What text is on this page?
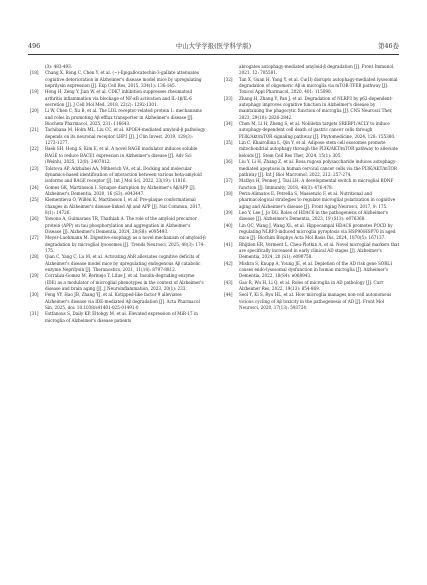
496	中山大学学报(医学科学版)	第46卷

(3): 483-493.

[18] Chang X, Rong C, Chen Y, et al. (−)-Epigallocatechin-3-gallate attenuates cognitive deterioration in Alzheimer's disease model mice by upregulating neprilysin expression [J]. Exp Cell Res, 2015, 334(1): 136-145.

[19] Hong H, Zeng Y, Jian W, et al. CDK7 inhibition suppresses rheumatoid arthritis inflammation via blockage of NF-κB activation and IL-1β/IL-6 secretion [J]. J Cell Mol Med, 2018, 22(2): 1292-1301.

[20] Li W, Chen C, Xu B, et al. The LDL receptor-related protein 1: mechanisms and roles in promoting Aβ efflux transporter in Alzheimer's disease [J]. Biochem Pharmacol, 2025, 231: 116643.

[21] Tachibana M, Holm ML, Liu CC, et al. APOE4-mediated amyloid-β pathology depends on its neuronal receptor LRP1 [J]. J Clin Invest, 2019, 129(3): 1272-1277.

[22] Baek SH, Hong S, Kim E, et al. A novel RAGE modulator induces soluble RAGE to reduce BACE1 expression in Alzheimer's disease [J]. Adv Sci (Weinh), 2025, 12(8): 2407812.

[23] Tolstova AP, Adzhubei AA, Mitkevich VA, et al. Docking and molecular dynamics-based identification of interaction between various beta-amyloid isoforms and RAGE receptor [J]. Int J Mol Sci, 2022, 23(19): 11816.

[24] Gomes GK, Martinsson I. Synapse disruption by Alzheimer's Aβ/APP [J]. Alzheimer's Dementia, 2020, 16 (S3): e043447.

[25] Klementieva O, Willén K, Martinsson I, et al. Pre-plaque conformational changes in Alzheimer's disease-linked Aβ and APP [J]. Nat Commun, 2017, 8(1): 14726.

[26] Yawono A, Guimaraes TR, Thathiah A. The role of the amyloid precursor protein (APP) on tau phosphorylation and aggregation in Alzheimer's Disease [J]. Alzheimer's Dementia, 2024, 20(S8): e095493.

[27] Meyer-Luehmann M. Digestive exophagy as a novel mechanism of amyloid-β degradation by microglial lysosomes [J]. Trends Neurosci, 2025, 48(3): 174-175.

[28] Qian C, Yang C, Lu M, et al. Activating AhR alleviates cognitive deficits of Alzheimer's disease model mice by upregulating endogenous Aβ catabolic enzyme Neprilysin [J]. Theranostics, 2021, 11(18): 8797-8812.

[29] Corraliza-Gomez M, Bermejo T, Lilue J, et al. Insulin-degrading enzyme (IDE) as a modulator of microglial phenotypes in the context of Alzheimer's disease and brain aging [J]. J Neuroinflammation, 2023, 20(1): 233.

[30] Feng YY, Hao JB, Zhang YJ, et al. Kotipped-like factor 9 alleviates Alzheimer's disease via IDE-mediated Aβ degradation [J]. Acta Pharmacol Sin, 2025, doi: 10.1038/s41401-025-01491-0

[31] Estfanous S, Daily KP, Eltobgy M, et al. Elevated expression of MiR-17 in microglia of Alzheimer's disease patients

abrogates autophagy-mediated amyloid-β degradation [J]. Front Immunol, 2021, 12: 705581.

[32] Tan X, Guan H, Yang Y, et al. Cu(II) disrupts autophagy-mediated lysosomal degradation of oligomeric Aβ in microglia via mTOR-TFEB pathway [J]. Toxicol Appl Pharmacol, 2020, 401: 115090.

[33] Zhang H, Zhang Y, Pan J, et al. Degradation of NLRP3 by p62-dependent-autophagy improves cognitive function in Alzheimer's disease by maintaining the phagocytic function of microglia [J]. CNS Neurosci Ther, 2023, 29(10): 2826-2842.

[34] Chen M, Li H, Zheng S, et al. Nobiletin targets SREBP1/ACLY to induce autophagy-dependent cell death of gastric cancer cells through PI3K/Akt/mTOR signaling pathway [J]. Phytomedicine, 2024, 128: 155360.

[35] Lin C, Khairollina L, Qin Y, et al. Adipose stem cell exosomes promote mitochondrial autophagy through the PI3K/AKT/mTOR pathway to alleviate keloids [J]. Stem Cell Res Ther, 2024, 15(1): 305.

[36] Liu Y, Li H, Zhang Z, et al. Rosa rugosa polysaccharide induces autophagy-mediated apoptosis in human cervical cancer cells via the PI3K/AKT/mTOR pathway [J]. Int J Biol Macromol, 2022, 212: 257-274.

[37] Mathys H, Penney J, Tsai LH. A developmental switch in microglial BDNF function [J]. Immunity, 2018, 48(3): 476-478.

[38] Perin-Alimatos E, Petrella S, Massenzio F, et al. Nutritional and pharmacological strategies to regulate microglial polarization in cognitive aging and Alzheimer's disease [J]. Front Aging Neurosci, 2017, 9: 175.

[39] Leo Y, Lee J, Jo DG. Roles of HDAC6 in the pathogenesis of Alzheimer's disease [J]. Alzheimer's Dementia, 2023, 19 (S13): e076368.

[40] Lin QC, Wang J, Wang XL, et al. Hippocampal HDAC6 promotes POCD by regulating NLRP3-induced microglia pyroptosis via HSP90/HSP70 in aged mice [J]. Biochim Biophys Acta Mol Basis Dis, 2024, 1870(5): 167137.

[41] Rhijtlen ER, Verment L, Cheu-Plotkin A, et al. Novel microglial markers that are specifically increased in early clinical AD stages [J]. Alzheimer's Dementia, 2024, 20 (S1): e090758.

[42] Mishra S, Knupp A, Young JE, et al. Depletion of the AD risk gene SORL1 causes endo-lysosomal dysfunction in human microglia [J]. Alzheimer's Dementia, 2022, 18(S4): e068943.

[43] Gao R, Wu H, Li Q, et al. Roles of microglia in AD pathology [J]. Curr Alzheimer Res, 2022, 19(13): 854-869.

[44] Seol Y, Ki S, Ryu HL, et al. How microglia manages non-cell autonomous vicious cycling of Aβ toxicity in the pathogenesis of AD [J]. Front Mol Neurosci, 2020, 17(13): 593724.
